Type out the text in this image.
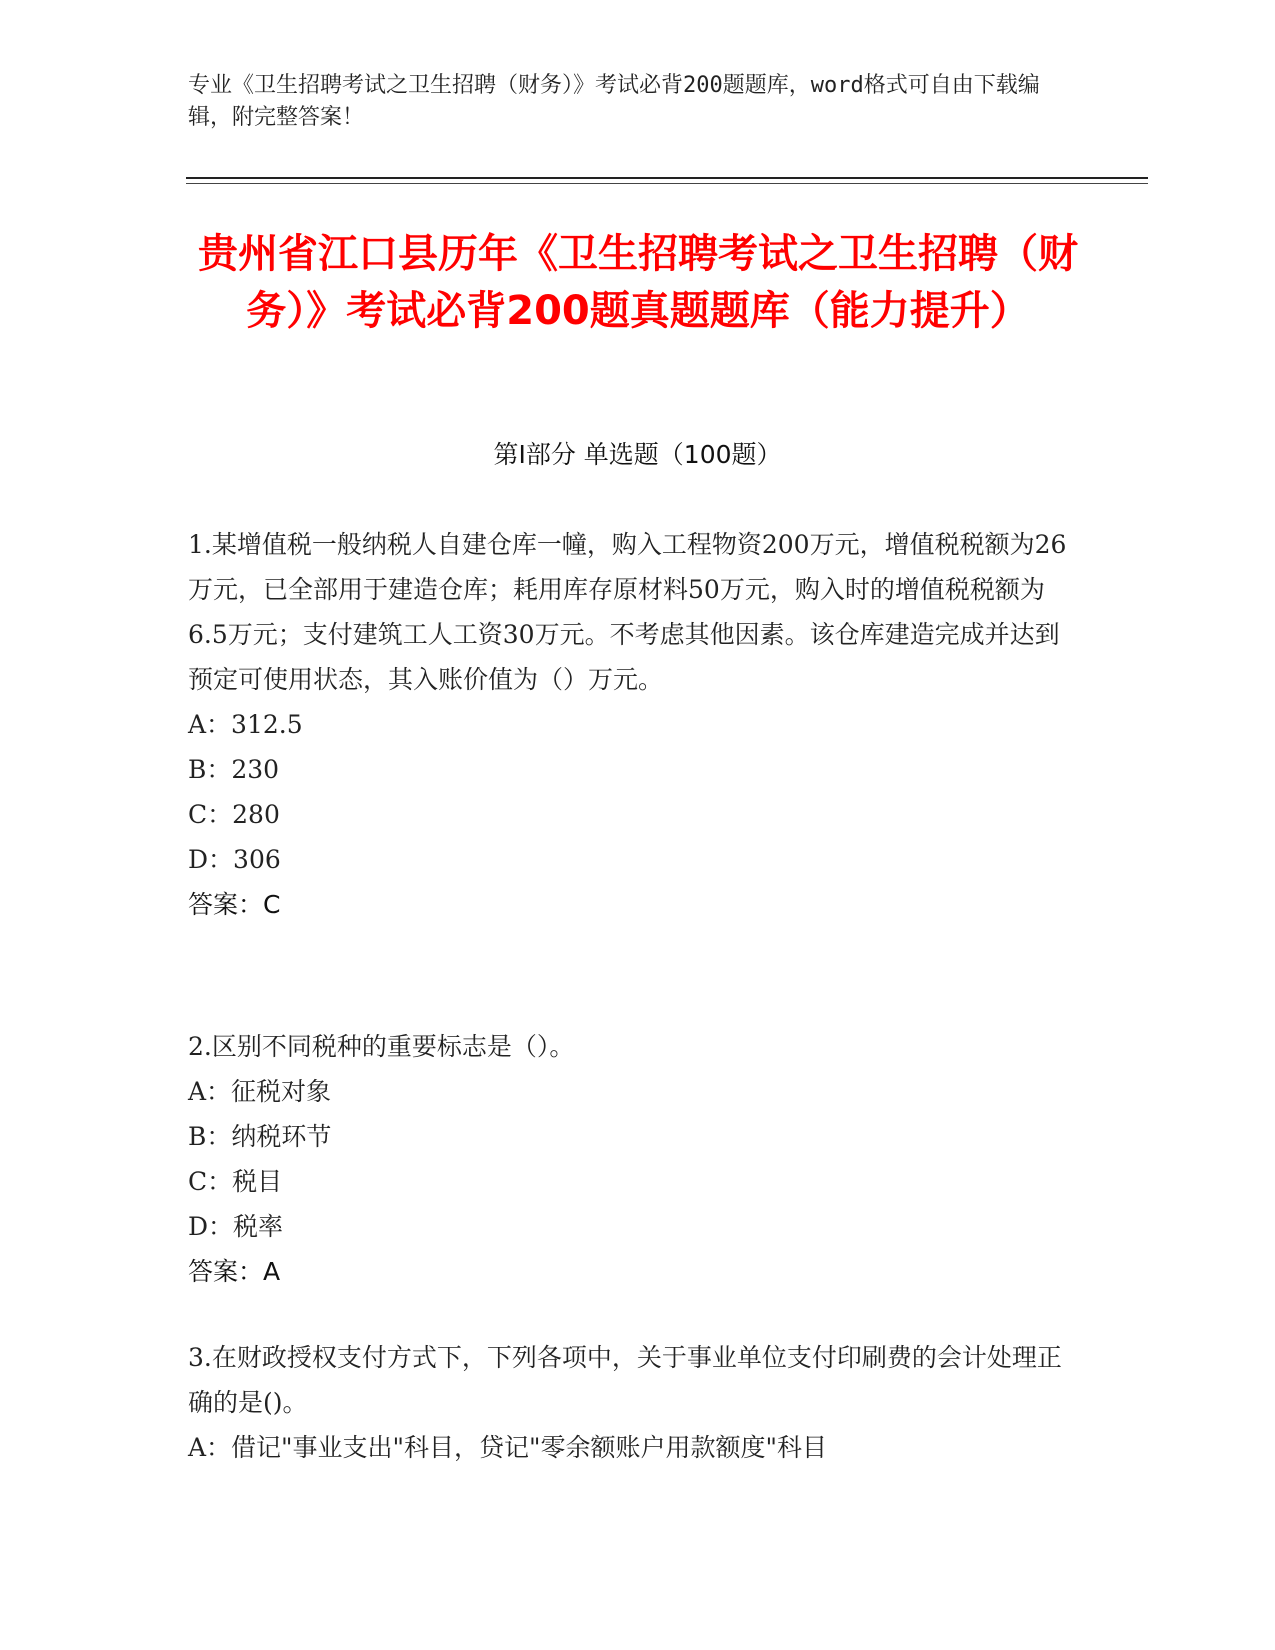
专业《卫生招聘考试之卫生招聘（财务）》考试必背200题题库，word格式可自由下载编辑，附完整答案！
贵州省江口县历年《卫生招聘考试之卫生招聘（财务）》考试必背200题真题题库（能力提升）
第Ⅰ部分 单选题（100题）
1.某增值税一般纳税人自建仓库一幢，购入工程物资200万元，增值税税额为26万元，已全部用于建造仓库；耗用库存原材料50万元，购入时的增值税税额为6.5万元；支付建筑工人工资30万元。不考虑其他因素。该仓库建造完成并达到预定可使用状态，其入账价值为（）万元。
A：312.5
B：230
C：280
D：306
答案：C
2.区别不同税种的重要标志是（）。
A：征税对象
B：纳税环节
C：税目
D：税率
答案：A
3.在财政授权支付方式下，下列各项中，关于事业单位支付印刷费的会计处理正确的是()。
A：借记"事业支出"科目，贷记"零余额账户用款额度"科目
